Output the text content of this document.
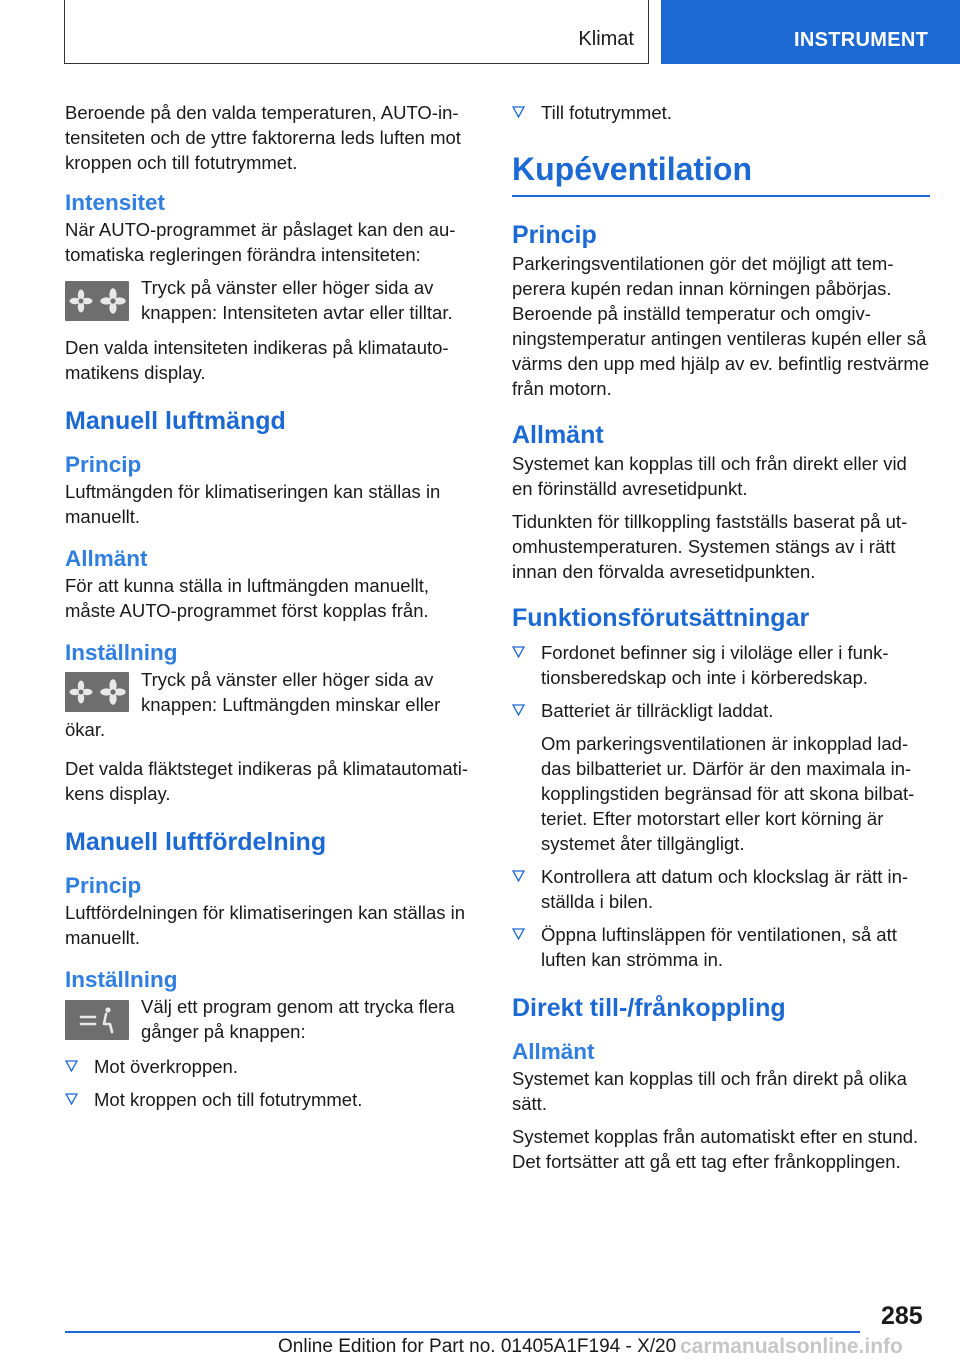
Klimat	INSTRUMENT

Beroende på den valda temperaturen, AUTO-intensiteten och de yttre faktorerna leds luften mot kroppen och till fotutrymmet.

Intensitet

När AUTO-programmet är påslaget kan den automatiska regleringen förändra intensiteten:

Tryck på vänster eller höger sida av knappen: Intensiteten avtar eller tilltar.

Den valda intensiteten indikeras på klimatautomatikens display.

Manuell luftmängd
Princip

Luftmängden för klimatiseringen kan ställas in manuellt.

Allmänt

För att kunna ställa in luftmängden manuellt, måste AUTO-programmet först kopplas från.

Inställning

Tryck på vänster eller höger sida av knappen: Luftmängden minskar eller ökar.

Det valda fläktsteget indikeras på klimatautomatikens display.

Manuell luftfördelning
Princip

Luftfördelningen för klimatiseringen kan ställas in manuellt.

Inställning
Välj ett program genom att trycka flera gånger på knappen:
Mot överkroppen.
Mot kroppen och till fotutrymmet.
Till fotutrymmet.
Kupéventilation
Princip

Parkeringsventilationen gör det möjligt att temperera kupén redan innan körningen påbörjas. Beroende på inställd temperatur och omgivningstemperatur antingen ventileras kupén eller så värms den upp med hjälp av ev. befintlig restvärme från motorn.

Allmänt

Systemet kan kopplas till och från direkt eller vid en förinställd avresetidpunkt.

Tidunkten för tillkoppling fastställs baserat på utomhustemperaturen. Systemen stängs av i rätt innan den förvalda avresetidpunkten.

Funktionsförutsättningar
Fordonet befinner sig i viloläge eller i funktionsberedskap och inte i körberedskap.
Batteriet är tillräckligt laddat.
Om parkeringsventilationen är inkopplad laddas bilbatteriet ur. Därför är den maximala inkopplingstiden begränsad för att skona bilbatteriet. Efter motorstart eller kort körning är systemet åter tillgängligt.
Kontrollera att datum och klockslag är rätt inställda i bilen.
Öppna luftinsläppen för ventilationen, så att luften kan strömma in.
Direkt till-/frånkoppling
Allmänt

Systemet kan kopplas till och från direkt på olika sätt.

Systemet kopplas från automatiskt efter en stund. Det fortsätter att gå ett tag efter frånkopplingen.

285
Online Edition for Part no. 01405A1F194 - X/20 carmanualsonline.info
